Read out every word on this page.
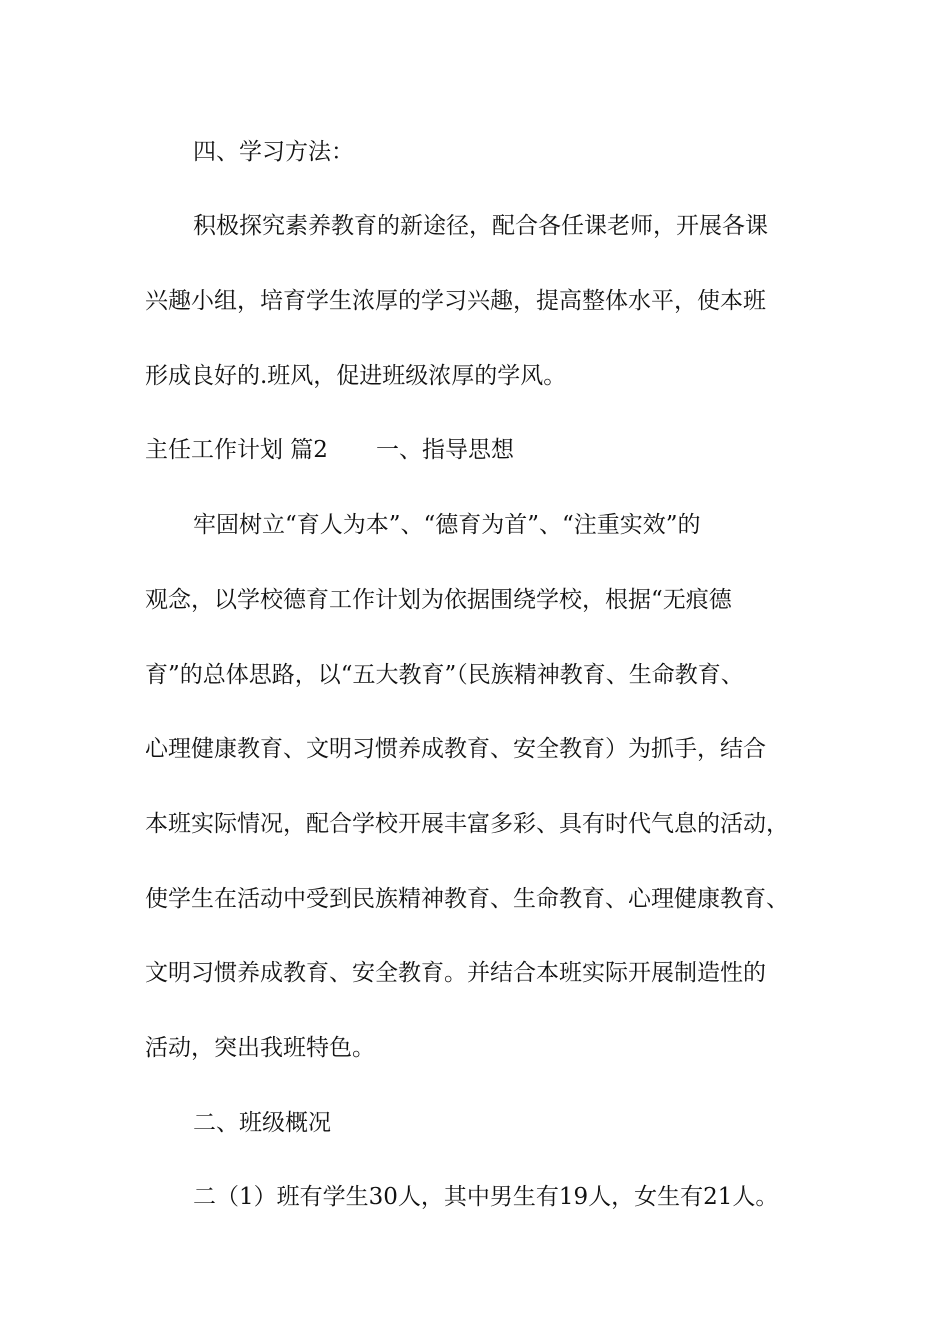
四、学习方法：
积极探究素养教育的新途径，配合各任课老师，开展各课
兴趣小组，培育学生浓厚的学习兴趣，提高整体水平，使本班
形成良好的.班风，促进班级浓厚的学风。
主任工作计划 篇2 一、指导思想
牢固树立“育人为本”、“德育为首”、“注重实效”的
观念，以学校德育工作计划为依据围绕学校，根据“无痕德
育”的总体思路，以“五大教育”（民族精神教育、生命教育、
心理健康教育、文明习惯养成教育、安全教育）为抓手，结合
本班实际情况，配合学校开展丰富多彩、具有时代气息的活动，
使学生在活动中受到民族精神教育、生命教育、心理健康教育、
文明习惯养成教育、安全教育。并结合本班实际开展制造性的
活动，突出我班特色。
二、班级概况
二（1）班有学生30人，其中男生有19人，女生有21人。
